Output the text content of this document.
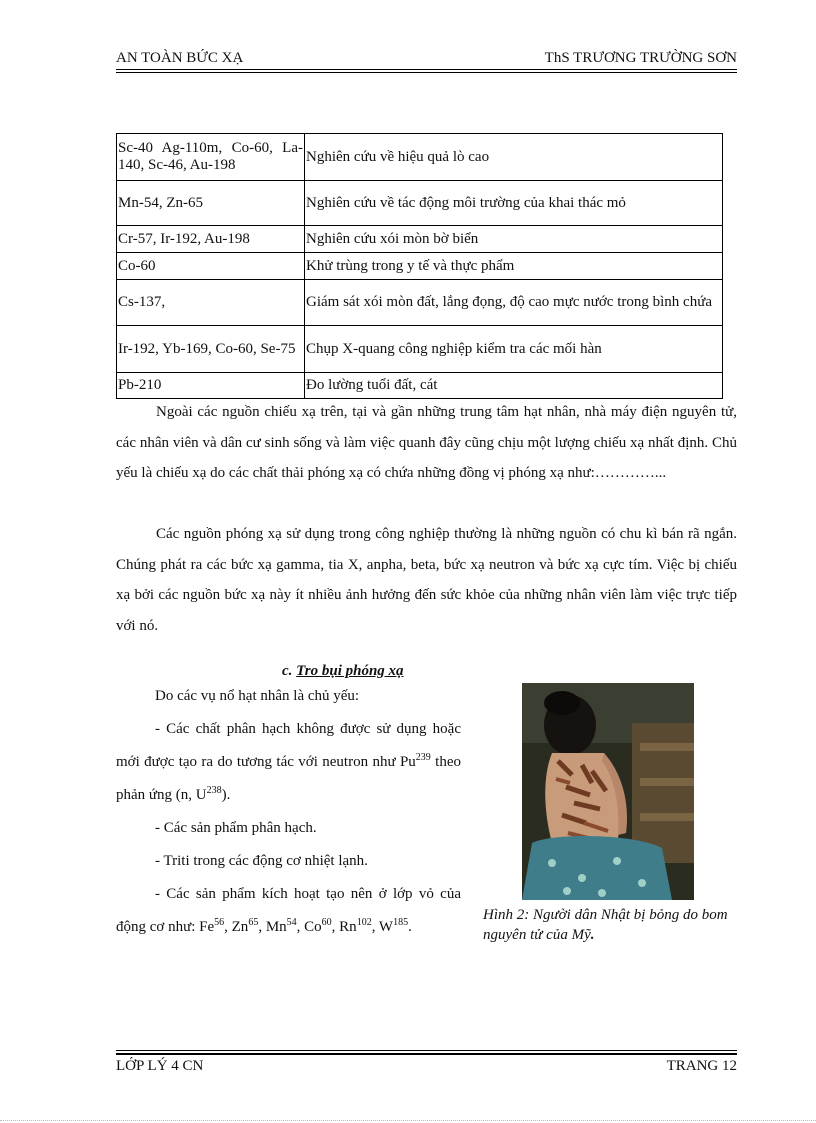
AN TOÀN BỨC XẠ	ThS TRƯƠNG TRƯỜNG SƠN
Sc-40 Ag-110m, Co-60, La-140, Sc-46, Au-198	Nghiên cứu về hiệu quả lò cao
Mn-54, Zn-65	Nghiên cứu về tác động môi trường của khai thác mỏ
Cr-57, Ir-192, Au-198	Nghiên cứu xói mòn bờ biển
Co-60	Khử trùng trong y tế và thực phẩm
Cs-137,	Giám sát xói mòn đất, lắng đọng, độ cao mực nước trong bình chứa
Ir-192, Yb-169, Co-60, Se-75	Chụp X-quang công nghiệp kiểm tra các mối hàn
Pb-210	Đo lường tuổi đất, cát

Ngoài các nguồn chiếu xạ trên, tại và gần những trung tâm hạt nhân, nhà máy điện nguyên tử, các nhân viên và dân cư sinh sống và làm việc quanh đây cũng chịu một lượng chiếu xạ nhất định. Chủ yếu là chiếu xạ do các chất thải phóng xạ có chứa những đồng vị phóng xạ như:…………...

Các nguồn phóng xạ sử dụng trong công nghiệp thường là những nguồn có chu kì bán rã ngắn. Chúng phát ra các bức xạ gamma, tia X, anpha, beta, bức xạ neutron và bức xạ cực tím. Việc bị chiếu xạ bởi các nguồn bức xạ này ít nhiều ảnh hưởng đến sức khỏe của những nhân viên làm việc trực tiếp với nó.

c. Tro bụi phóng xạ

Do các vụ nổ hạt nhân là chủ yếu:

- Các chất phân hạch không được sử dụng hoặc mới được tạo ra do tương tác với neutron như Pu$^{239}$ theo phản ứng (n, $U^{238}$).

- Các sản phẩm phân hạch.

- Triti trong các động cơ nhiệt lạnh.

- Các sản phẩm kích hoạt tạo nên ở lớp vỏ của động cơ như: Fe$^{56}$, Zn$^{65}$, Mn$^{54}$, Co$^{60}$, Rn$^{102}$, $W^{185}$.

Hình 2: Người dân Nhật bị bỏng do bom nguyên tử của Mỹ.
LỚP LÝ 4 CN	TRANG 12
